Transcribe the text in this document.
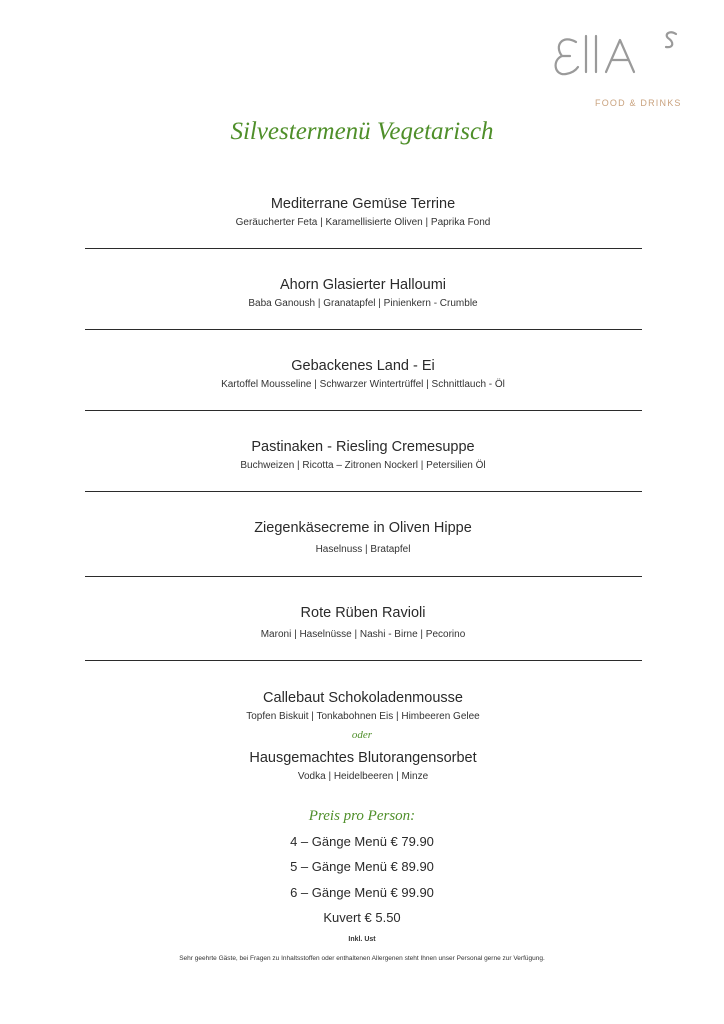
FOOD & DRINKS
Silvestermenü Vegetarisch
Mediterrane Gemüse Terrine
Geräucherter Feta | Karamellisierte Oliven | Paprika Fond
Ahorn Glasierter Halloumi
Baba Ganoush | Granatapfel | Pinienkern - Crumble
Gebackenes Land - Ei
Kartoffel Mousseline | Schwarzer Wintertrüffel | Schnittlauch - Öl
Pastinaken - Riesling Cremesuppe
Buchweizen | Ricotta – Zitronen Nockerl | Petersilien Öl
Ziegenkäsecreme in Oliven Hippe
Haselnuss | Bratapfel
Rote Rüben Ravioli
Maroni | Haselnüsse | Nashi - Birne | Pecorino
Callebaut Schokoladenmousse
Topfen Biskuit | Tonkabohnen Eis | Himbeeren Gelee
oder
Hausgemachtes Blutorangensorbet
Vodka | Heidelbeeren | Minze
Preis pro Person:
4 – Gänge Menü € 79.90
5 – Gänge Menü € 89.90
6 – Gänge Menü € 99.90
Kuvert € 5.50
Inkl. Ust
Sehr geehrte Gäste, bei Fragen zu Inhaltsstoffen oder enthaltenen Allergenen steht Ihnen unser Personal gerne zur Verfügung.
